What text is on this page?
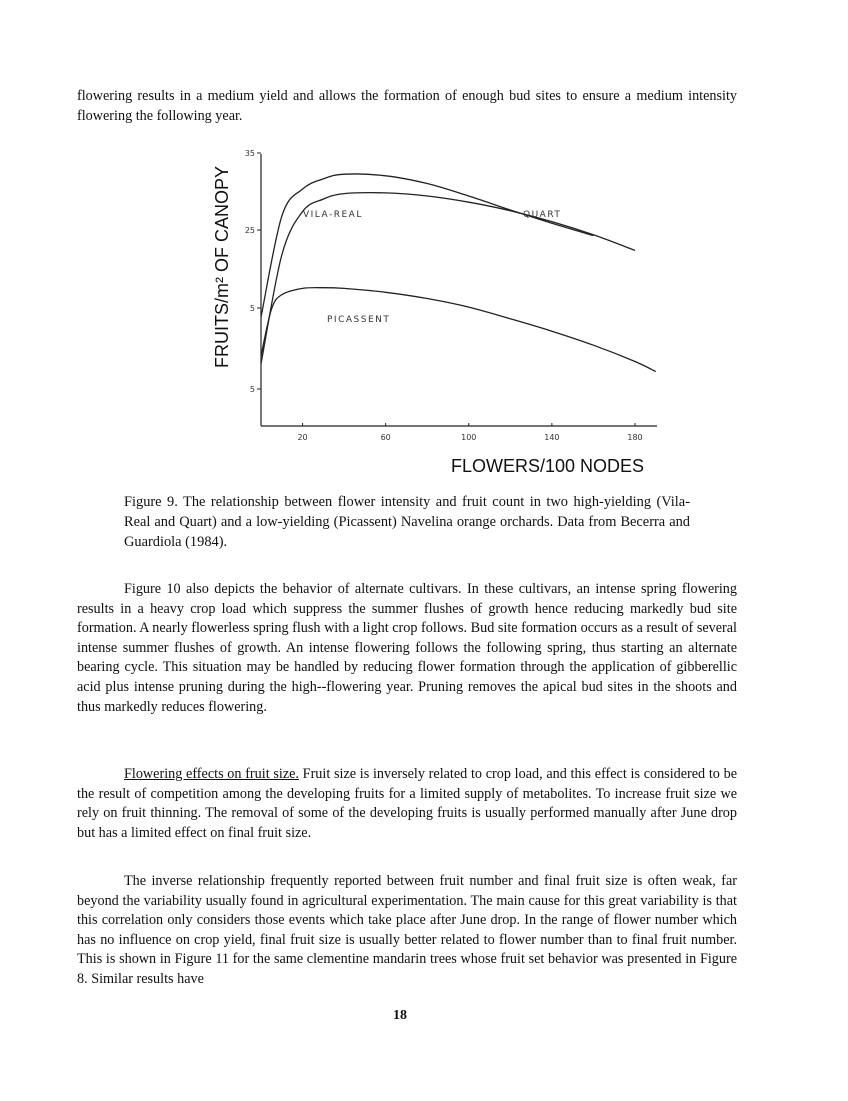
flowering results in a medium yield and allows the formation of enough bud sites to ensure a medium intensity flowering the following year.

20	60	100	140	180
35
25
5
5
VILA-REAL	QUART
PICASSENT
FLOWERS/100 NODES
FRUITS/m² OF CANOPY

Figure 9. The relationship between flower intensity and fruit count in two high-yielding (Vila-Real and Quart) and a low-yielding (Picassent) Navelina orange orchards. Data from Becerra and Guardiola (1984).

Figure 10 also depicts the behavior of alternate cultivars. In these cultivars, an intense spring flowering results in a heavy crop load which suppress the summer flushes of growth hence reducing markedly bud site formation. A nearly flowerless spring flush with a light crop follows. Bud site formation occurs as a result of several intense summer flushes of growth. An intense flowering follows the following spring, thus starting an alternate bearing cycle. This situation may be handled by reducing flower formation through the application of gibberellic acid plus intense pruning during the high--flowering year. Pruning removes the apical bud sites in the shoots and thus markedly reduces flowering.

Flowering effects on fruit size. Fruit size is inversely related to crop load, and this effect is considered to be the result of competition among the developing fruits for a limited supply of metabolites. To increase fruit size we rely on fruit thinning. The removal of some of the developing fruits is usually performed manually after June drop but has a limited effect on final fruit size.

The inverse relationship frequently reported between fruit number and final fruit size is often weak, far beyond the variability usually found in agricultural experimentation. The main cause for this great variability is that this correlation only considers those events which take place after June drop. In the range of flower number which has no influence on crop yield, final fruit size is usually better related to flower number than to final fruit number. This is shown in Figure 11 for the same clementine mandarin trees whose fruit set behavior was presented in Figure 8. Similar results have

18
